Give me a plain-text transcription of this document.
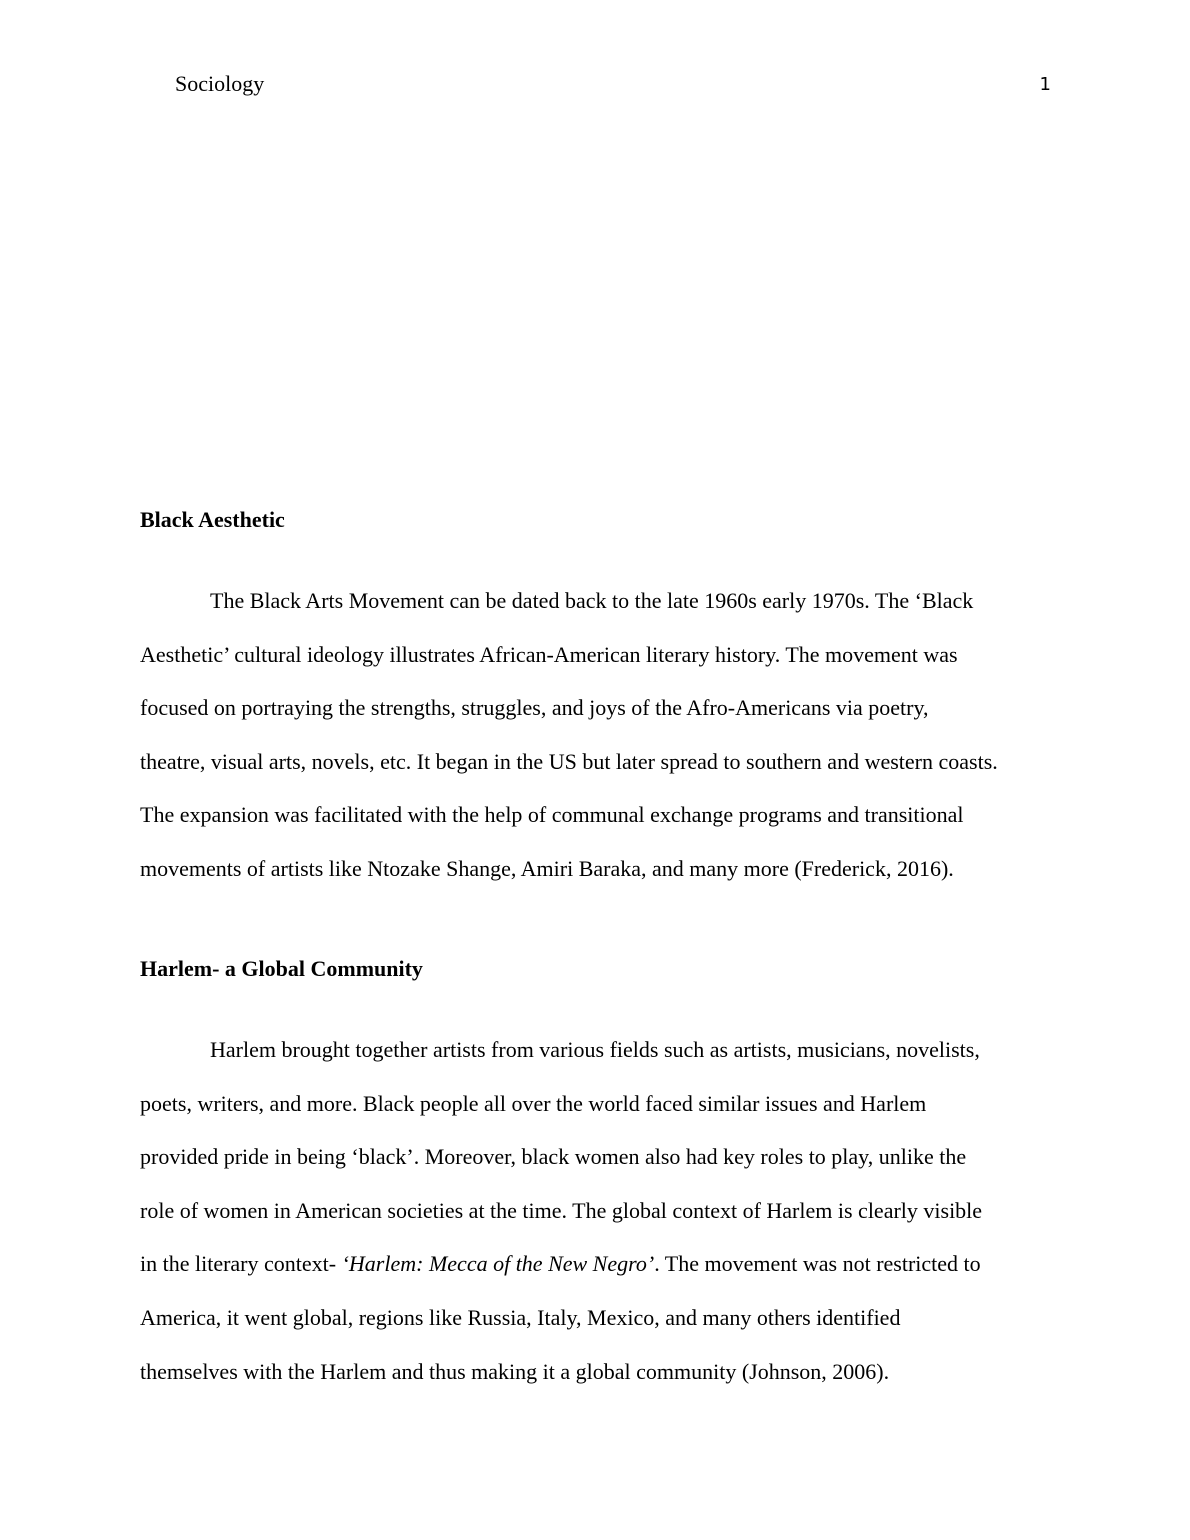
Sociology	1
Black Aesthetic

The Black Arts Movement can be dated back to the late 1960s early 1970s. The ‘Black
Aesthetic’ cultural ideology illustrates African-American literary history. The movement was
focused on portraying the strengths, struggles, and joys of the Afro-Americans via poetry,
theatre, visual arts, novels, etc. It began in the US but later spread to southern and western coasts.
The expansion was facilitated with the help of communal exchange programs and transitional
movements of artists like Ntozake Shange, Amiri Baraka, and many more (Frederick, 2016).

Harlem- a Global Community

Harlem brought together artists from various fields such as artists, musicians, novelists,
poets, writers, and more. Black people all over the world faced similar issues and Harlem
provided pride in being ‘black’. Moreover, black women also had key roles to play, unlike the
role of women in American societies at the time. The global context of Harlem is clearly visible
in the literary context- ‘Harlem: Mecca of the New Negro’. The movement was not restricted to
America, it went global, regions like Russia, Italy, Mexico, and many others identified
themselves with the Harlem and thus making it a global community (Johnson, 2006).
